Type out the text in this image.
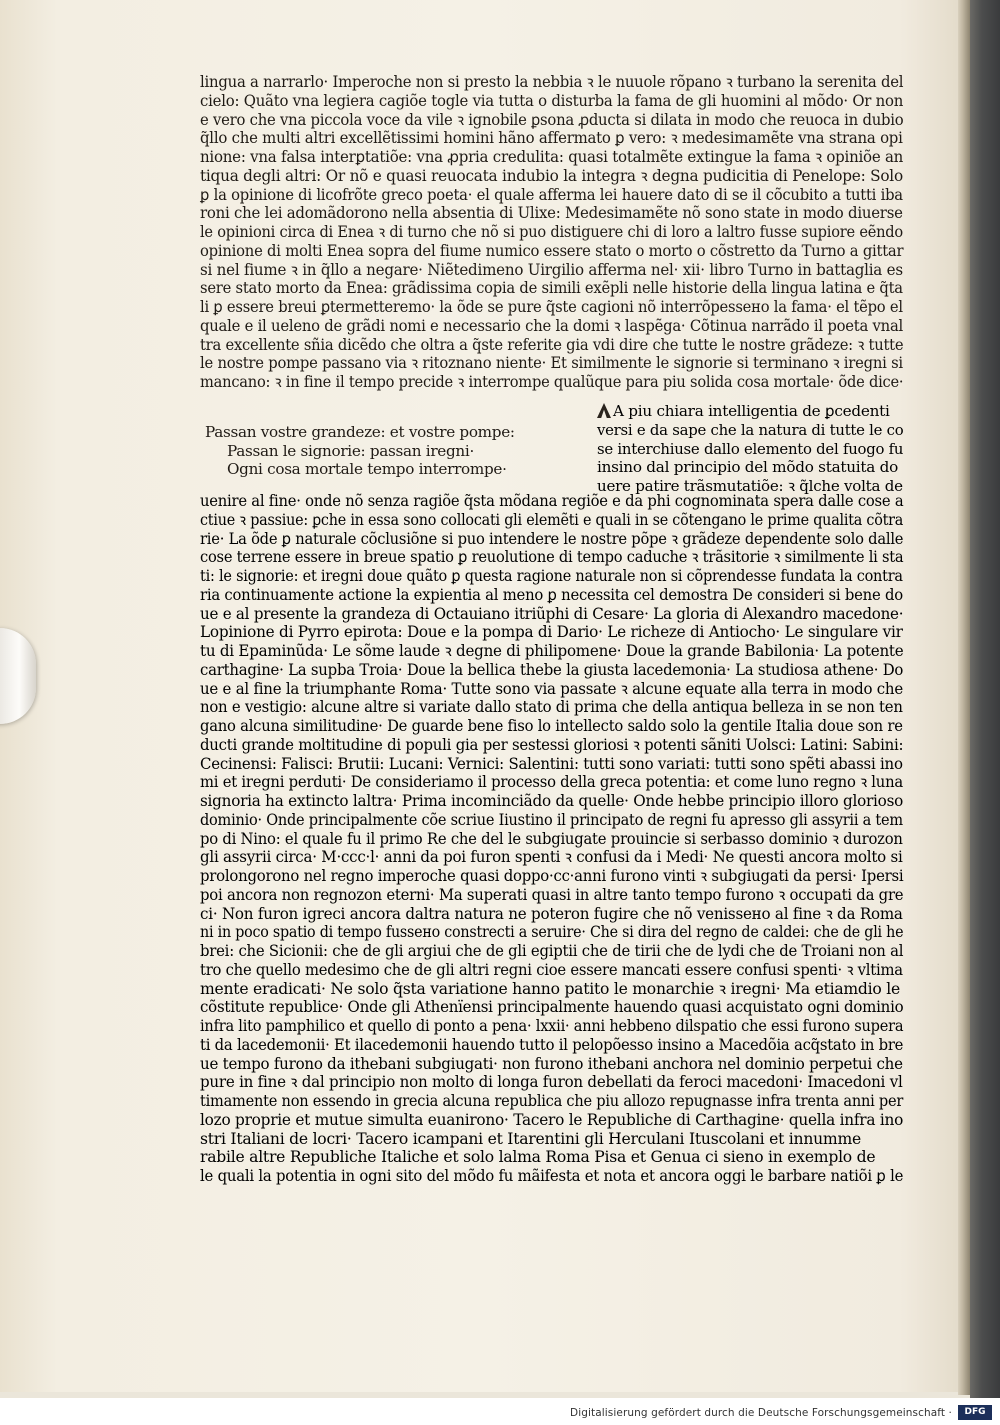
lingua a narrarlo· Imperoche non si presto la nebbia ꝛ le nuuole rõpano ꝛ turbano la serenita del
cielo: Quãto vna legiera cagiõe togle via tutta o disturba la fama de gli huomini al mõdo· Or non
e vero che vna piccola voce da vile ꝛ ignobile ꝑsona ꝓducta si dilata in modo che reuoca in dubio
q̃llo che multi altri excellẽtissimi homini hãno affermato ꝑ vero: ꝛ medesimamẽte vna strana opi
nione: vna falsa interꝑtatiõe: vna ꝓpria credulita: quasi totalmẽte extingue la fama ꝛ opiniõe an
tiqua degli altri: Or nõ e quasi reuocata indubio la integra ꝛ degna pudicitia di Penelope: Solo
ꝑ la opinione di licofrõte greco poeta· el quale afferma lei hauere dato di se il cõcubito a tutti iba
roni che lei adomãdorono nella absentia di Ulixe: Medesimamẽte nõ sono state in modo diuerse
le opinioni circa di Enea ꝛ di turno che nõ si puo distiguere chi di loro a laltro fusse supiore eẽndo
opinione di molti Enea sopra del fiume numico essere stato o morto o cõstretto da Turno a gittar
si nel fiume ꝛ in q̃llo a negare· Niẽtedimeno Uirgilio afferma nel· xii· libro Turno in battaglia es
sere stato morto da Enea: grãdissima copia de simili exẽpli nelle historie della lingua latina e q̃ta
li ꝑ essere breui ꝑtermetteremo· la õde se pure q̃ste cagioni nõ interrõpessено la fama· el tẽpo el
quale e il ueleno de grãdi nomi e necessario che la domi ꝛ laspẽga· Cõtinua narrãdo il poeta vnal
tra excellente sñia dicẽdo che oltra a q̃ste referite gia vdi dire che tutte le nostre grãdeze: ꝛ tutte
le nostre pompe passano via ꝛ ritoznano niente· Et similmente le signorie si terminano ꝛ iregni si
mancano: ꝛ in fine il tempo precide ꝛ interrompe qualũque para piu solida cosa mortale· õde dice·
Passan vostre grandeze: et vostre pompe:
Passan le signorie: passan iregni·
Ogni cosa mortale tempo interrompe·
A piu chiara intelligentia de ꝑcedenti
versi e da sape che la natura di tutte le co
se interchiuse dallo elemento del fuogo fu
insino dal principio del mõdo statuita do
uere patire trãsmutatiõe: ꝛ q̃lche volta de
uenire al fine· onde nõ senza ragiõe q̃sta mõdana regiõe e da phi cognominata spera dalle cose a
ctiue ꝛ passiue: ꝑche in essa sono collocati gli elemẽti e quali in se cõtengano le prime qualita cõtra
rie· La õde ꝑ naturale cõclusiõne si puo intendere le nostre põpe ꝛ grãdeze dependente solo dalle
cose terrene essere in breue spatio ꝑ reuolutione di tempo caduche ꝛ trãsitorie ꝛ similmente li sta
ti: le signorie: et iregni doue quãto ꝑ questa ragione naturale non si cõprendesse fundata la contra
ria continuamente actione la expientia al meno ꝑ necessita cel demostra De consideri si bene do
ue e al presente la grandeza di Octauiano itriũphi di Cesare· La gloria di Alexandro macedone·
Lopinione di Pyrro epirota: Doue e la pompa di Dario· Le richeze di Antiocho· Le singulare vir
tu di Epaminũda· Le sõme laude ꝛ degne di philipomene· Doue la grande Babilonia· La potente
carthagine· La supba Troia· Doue la bellica thebe la giusta lacedemonia· La studiosa athene· Do
ue e al fine la triumphante Roma· Tutte sono via passate ꝛ alcune equate alla terra in modo che
non e vestigio: alcune altre si variate dallo stato di prima che della antiqua belleza in se non ten
gano alcuna similitudine· De guarde bene fiso lo intellecto saldo solo la gentile Italia doue son re
ducti grande moltitudine di populi gia per sestessi gloriosi ꝛ potenti sãniti Uolsci: Latini: Sabini:
Cecinensi: Falisci: Brutii: Lucani: Vernici: Salentini: tutti sono variati: tutti sono spẽti abassi ino
mi et iregni perduti· De consideriamo il processo della greca potentia: et come luno regno ꝛ luna
signoria ha extincto laltra· Prima incominciãdo da quelle· Onde hebbe principio illoro glorioso
dominio· Onde principalmente cõe scriue Iiustino il principato de regni fu apresso gli assyrii a tem
po di Nino: el quale fu il primo Re che del le subgiugate prouincie si serbasso dominio ꝛ durozon
gli assyrii circa· M·ccc·l· anni da poi furon spenti ꝛ confusi da i Medi· Ne questi ancora molto si
prolongorono nel regno imperoche quasi doppo·cc·anni furono vinti ꝛ subgiugati da persi· Ipersi
poi ancora non regnozon eterni· Ma superati quasi in altre tanto tempo furono ꝛ occupati da gre
ci· Non furon igreci ancora daltra natura ne poteron fugire che nõ venissено al fine ꝛ da Roma
ni in poco spatio di tempo fussено constrecti a seruire· Che si dira del regno de caldei: che de gli he
brei: che Sicionii: che de gli argiui che de gli egiptii che de tirii che de lydi che de Troiani non al
tro che quello medesimo che de gli altri regni cioe essere mancati essere confusi spenti· ꝛ vltima
mente eradicati· Ne solo q̃sta variatione hanno patito le monarchie ꝛ iregni· Ma etiamdio le
cõstitute republice· Onde gli Athenïensi principalmente hauendo quasi acquistato ogni dominio
infra lito pamphilico et quello di ponto a pena· lxxii· anni hebbeno dilspatio che essi furono supera
ti da lacedemonii· Et ilacedemonii hauendo tutto il pelopõesso insino a Macedõia acq̃stato in bre
ue tempo furono da ithebani subgiugati· non furono ithebani anchora nel dominio perpetui che
pure in fine ꝛ dal principio non molto di longa furon debellati da feroci macedoni· Imacedoni vl
timamente non essendo in grecia alcuna republica che piu allozo repugnasse infra trenta anni per
lozo proprie et mutue simulta euanirono· Tacero le Republiche di Carthagine· quella infra ino
stri Italiani de locri· Tacero icampani et Itarentini gli Herculani Ituscolani et innumme
rabile altre Republiche Italiche et solo lalma Roma Pisa et Genua ci sieno in exemplo de
le quali la potentia in ogni sito del mõdo fu mãifesta et nota et ancora oggi le barbare natiõi ꝑ le
Digitalisierung gefördert durch die Deutsche Forschungsgemeinschaft ·	DFG
